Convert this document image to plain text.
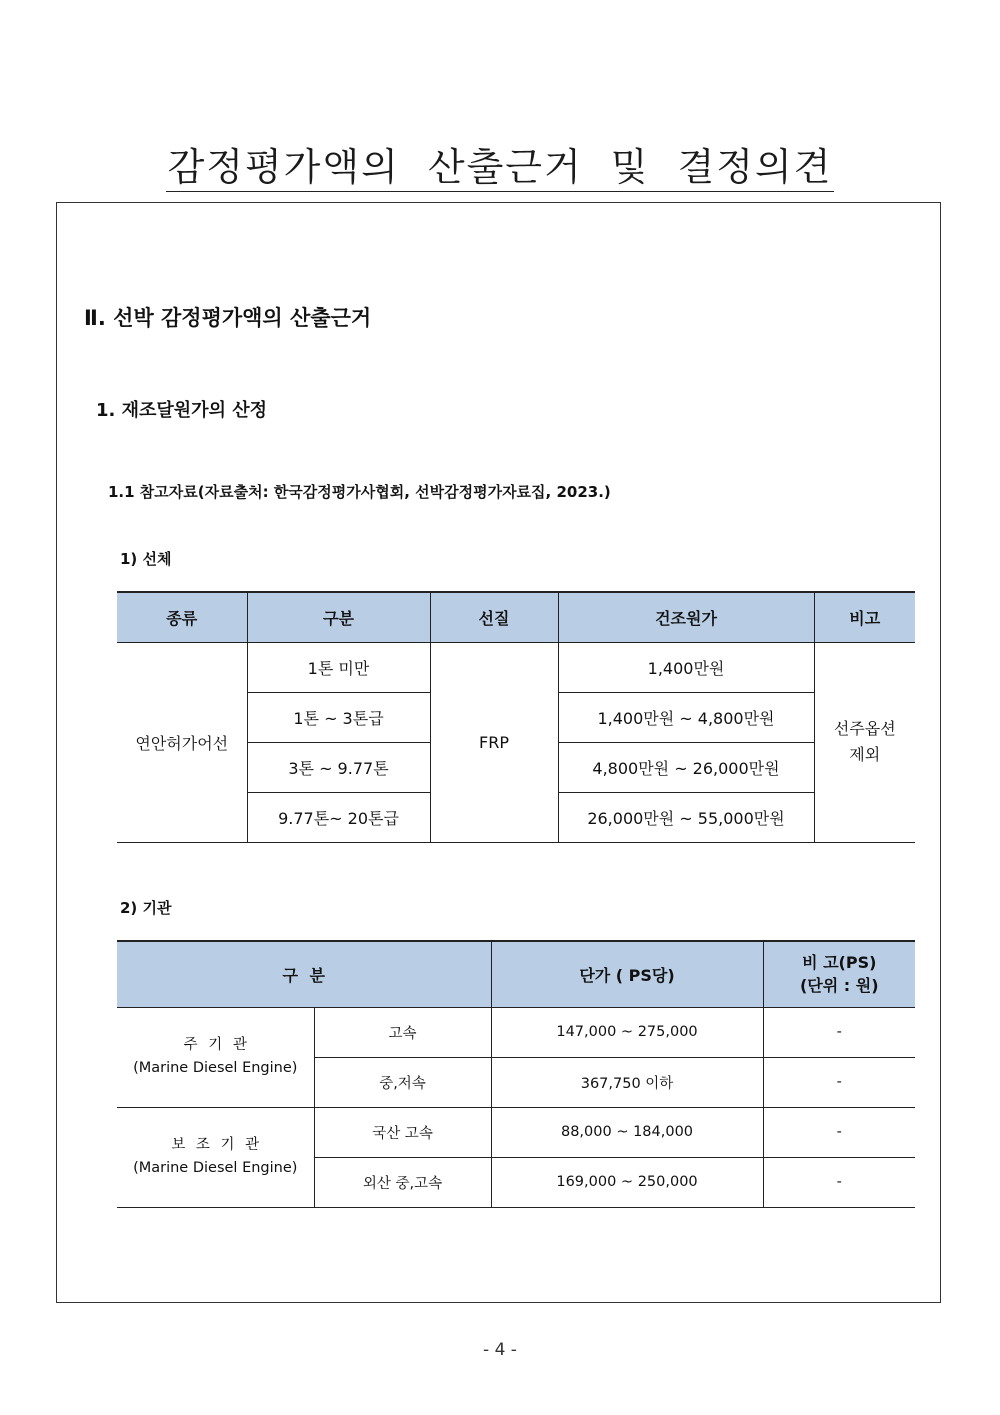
감정평가액의 산출근거 및 결정의견
Ⅱ. 선박 감정평가액의 산출근거
1. 재조달원가의 산정
1.1 참고자료(자료출처: 한국감정평가사협회, 선박감정평가자료집, 2023.)
1) 선체
종류	구분	선질	건조원가	비고
연안허가어선	1톤 미만	FRP	1,400만원	선주옵션
제외

	1톤 ~ 3톤급		1,400만원 ~ 4,800만원	
	3톤 ~ 9.77톤		4,800만원 ~ 26,000만원	
	9.77톤~ 20톤급		26,000만원 ~ 55,000만원	
2) 기관
구 분		단가 ( PS당)	비 고(PS)
(단위 : 원)

주 기 관
(Marine Diesel Engine)	고속	147,000 ~ 275,000	-
	중,저속	367,750 이하	-

보 조 기 관
(Marine Diesel Engine)	국산 고속	88,000 ~ 184,000	-
	외산 중,고속	169,000 ~ 250,000	-
- 4 -
